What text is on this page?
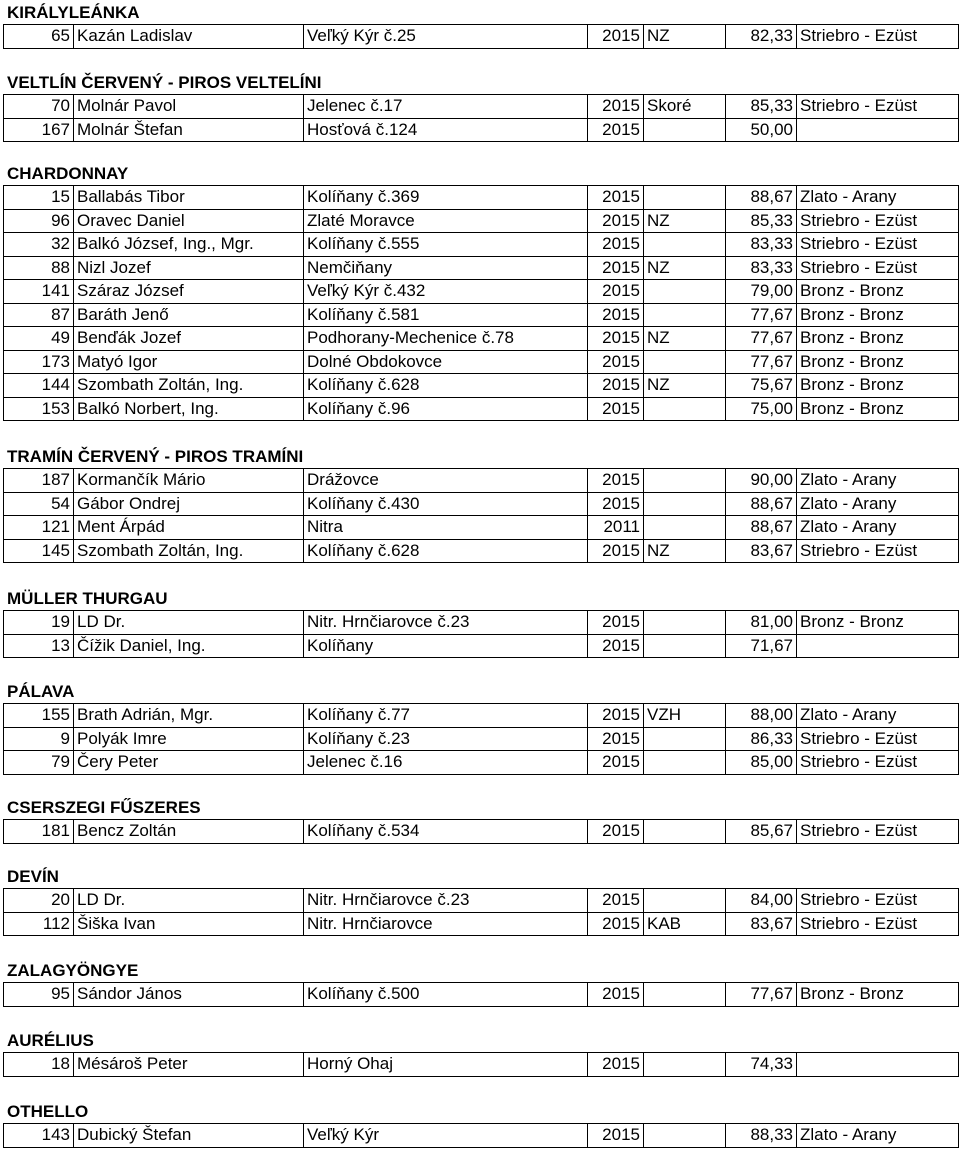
KIRÁLYLEÁNKA
65	Kazán Ladislav	Veľký Kýr č.25	2015	NZ	82,33	Striebro - Ezüst
VELTLÍN ČERVENÝ - PIROS VELTELÍNI
70	Molnár Pavol	Jelenec č.17	2015	Skoré	85,33	Striebro - Ezüst
167	Molnár Štefan	Hosťová č.124	2015		50,00	
CHARDONNAY
15	Ballabás Tibor	Kolíňany č.369	2015		88,67	Zlato - Arany
96	Oravec Daniel	Zlaté Moravce	2015	NZ	85,33	Striebro - Ezüst
32	Balkó József, Ing., Mgr.	Kolíňany č.555	2015		83,33	Striebro - Ezüst
88	Nizl Jozef	Nemčiňany	2015	NZ	83,33	Striebro - Ezüst
141	Száraz József	Veľký Kýr č.432	2015		79,00	Bronz - Bronz
87	Baráth Jenő	Kolíňany č.581	2015		77,67	Bronz - Bronz
49	Benďák Jozef	Podhorany-Mechenice č.78	2015	NZ	77,67	Bronz - Bronz
173	Matyó Igor	Dolné Obdokovce	2015		77,67	Bronz - Bronz
144	Szombath Zoltán, Ing.	Kolíňany č.628	2015	NZ	75,67	Bronz - Bronz
153	Balkó Norbert, Ing.	Kolíňany č.96	2015		75,00	Bronz - Bronz
TRAMÍN ČERVENÝ - PIROS TRAMÍNI
187	Kormančík Mário	Drážovce	2015		90,00	Zlato - Arany
54	Gábor Ondrej	Kolíňany č.430	2015		88,67	Zlato - Arany
121	Ment Árpád	Nitra	2011		88,67	Zlato - Arany
145	Szombath Zoltán, Ing.	Kolíňany č.628	2015	NZ	83,67	Striebro - Ezüst
MÜLLER THURGAU
19	LD Dr.	Nitr. Hrnčiarovce č.23	2015		81,00	Bronz - Bronz
13	Čížik Daniel, Ing.	Kolíňany	2015		71,67	
PÁLAVA
155	Brath Adrián, Mgr.	Kolíňany č.77	2015	VZH	88,00	Zlato - Arany
9	Polyák Imre	Kolíňany č.23	2015		86,33	Striebro - Ezüst
79	Čery Peter	Jelenec č.16	2015		85,00	Striebro - Ezüst
CSERSZEGI FŰSZERES
181	Bencz Zoltán	Kolíňany č.534	2015		85,67	Striebro - Ezüst
DEVÍN
20	LD Dr.	Nitr. Hrnčiarovce č.23	2015		84,00	Striebro - Ezüst
112	Šiška Ivan	Nitr. Hrnčiarovce	2015	KAB	83,67	Striebro - Ezüst
ZALAGYÖNGYE
95	Sándor János	Kolíňany č.500	2015		77,67	Bronz - Bronz
AURÉLIUS
18	Mésároš Peter	Horný Ohaj	2015		74,33	
OTHELLO
143	Dubický Štefan	Veľký Kýr	2015		88,33	Zlato - Arany
